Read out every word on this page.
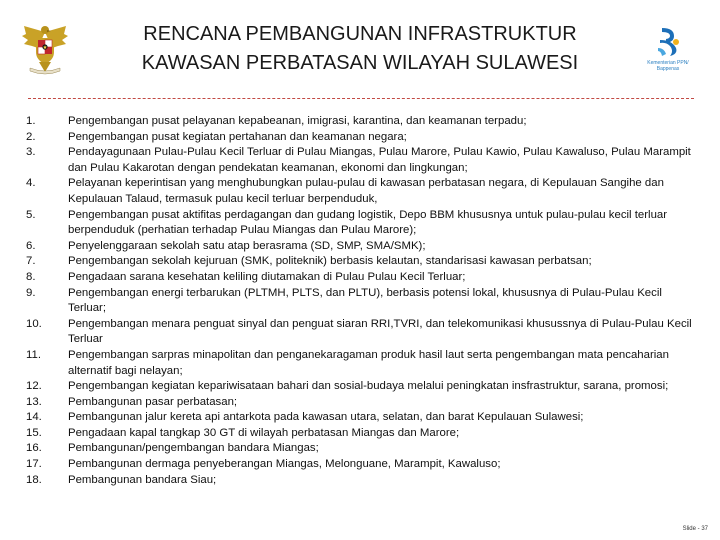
RENCANA PEMBANGUNAN INFRASTRUKTUR
KAWASAN PERBATASAN WILAYAH SULAWESI	Kementerian PPN/
Bappenas
1.	Pengembangan pusat pelayanan kepabeanan, imigrasi, karantina, dan keamanan terpadu;
2.	Pengembangan pusat kegiatan pertahanan dan keamanan negara;
3.	Pendayagunaan Pulau-Pulau Kecil Terluar di Pulau Miangas, Pulau Marore, Pulau Kawio, Pulau Kawaluso, Pulau Marampit dan Pulau Kakarotan dengan pendekatan keamanan, ekonomi dan lingkungan;
4.	Pelayanan keperintisan yang menghubungkan pulau-pulau di kawasan perbatasan negara, di Kepulauan Sangihe dan Kepulauan Talaud, termasuk pulau kecil terluar berpenduduk,
5.	Pengembangan pusat aktifitas perdagangan dan gudang logistik, Depo BBM khususnya untuk pulau-pulau kecil terluar berpenduduk (perhatian terhadap Pulau Miangas dan Pulau Marore);
6.	Penyelenggaraan sekolah satu atap berasrama (SD, SMP, SMA/SMK);
7.	Pengembangan sekolah kejuruan (SMK, politeknik) berbasis kelautan, standarisasi kawasan perbatsan;
8.	Pengadaan sarana kesehatan keliling diutamakan di Pulau Pulau Kecil Terluar;
9.	Pengembangan energi terbarukan (PLTMH, PLTS, dan PLTU), berbasis potensi lokal, khususnya di Pulau-Pulau Kecil Terluar;
10.	Pengembangan menara penguat sinyal dan penguat siaran RRI,TVRI, dan telekomunikasi khusussnya di Pulau-Pulau Kecil Terluar
11.	Pengembangan sarpras minapolitan dan penganekaragaman produk hasil laut serta pengembangan mata pencaharian alternatif bagi nelayan;
12.	Pengembangan kegiatan kepariwisataan bahari dan sosial-budaya melalui peningkatan insfrastruktur, sarana, promosi;
13.	Pembangunan pasar perbatasan;
14.	Pembangunan jalur kereta api antarkota pada kawasan utara, selatan, dan barat Kepulauan Sulawesi;
15.	Pengadaan kapal tangkap 30 GT di wilayah perbatasan Miangas dan Marore;
16.	Pembangunan/pengembangan bandara Miangas;
17.	Pembangunan dermaga penyeberangan Miangas, Melonguane, Marampit, Kawaluso;
18.	Pembangunan bandara Siau;
Slide - 37
